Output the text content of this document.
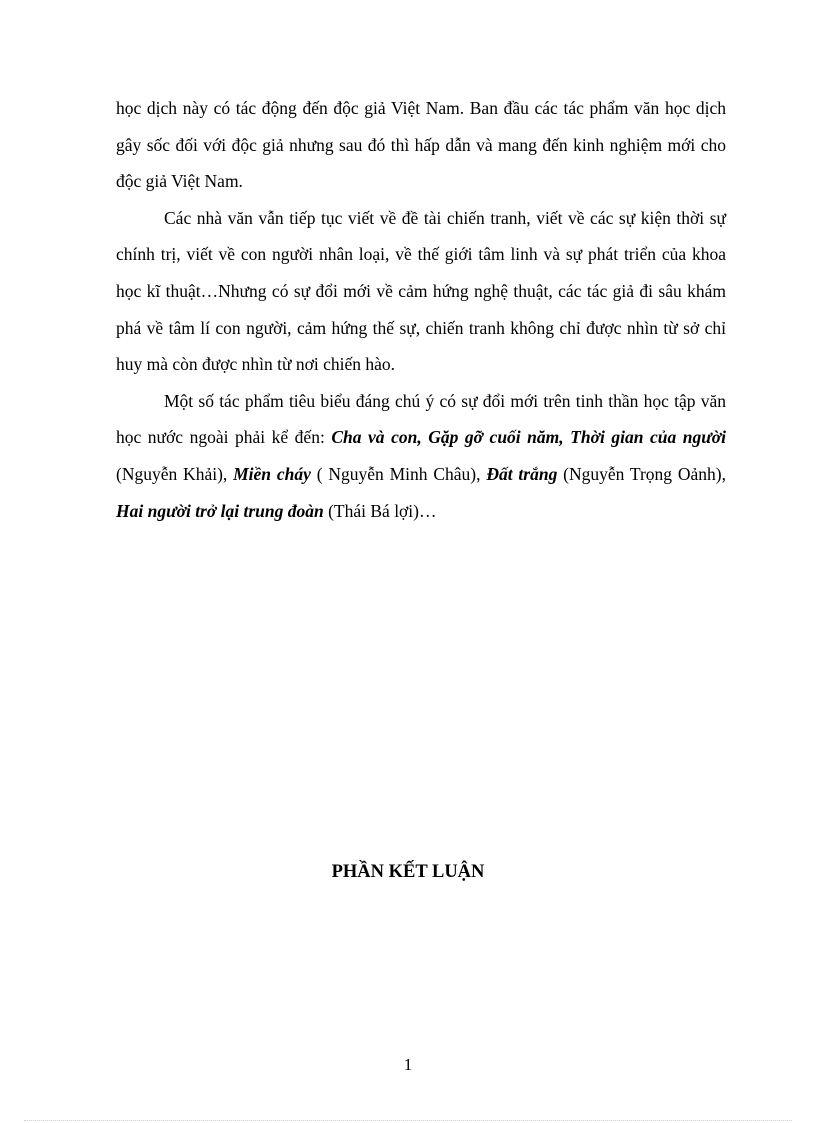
học dịch này có tác động đến độc giả Việt Nam. Ban đầu các tác phẩm văn học dịch gây sốc đối với độc giả nhưng sau đó thì hấp dẫn và mang đến kinh nghiệm mới cho độc giả Việt Nam.

Các nhà văn vẫn tiếp tục viết về đề tài chiến tranh, viết về các sự kiện thời sự chính trị, viết về con người nhân loại, về thế giới tâm linh và sự phát triển của khoa học kĩ thuật…Nhưng có sự đổi mới về cảm hứng nghệ thuật, các tác giả đi sâu khám phá về tâm lí con người, cảm hứng thế sự, chiến tranh không chỉ được nhìn từ sở chỉ huy mà còn được nhìn từ nơi chiến hào.

Một số tác phẩm tiêu biểu đáng chú ý có sự đổi mới trên tinh thần học tập văn học nước ngoài phải kể đến: Cha và con, Gặp gỡ cuối năm, Thời gian của người (Nguyễn Khải), Miền cháy ( Nguyễn Minh Châu), Đất trắng (Nguyễn Trọng Oảnh), Hai người trở lại trung đoàn (Thái Bá lợi)…

PHẦN KẾT LUẬN
1
